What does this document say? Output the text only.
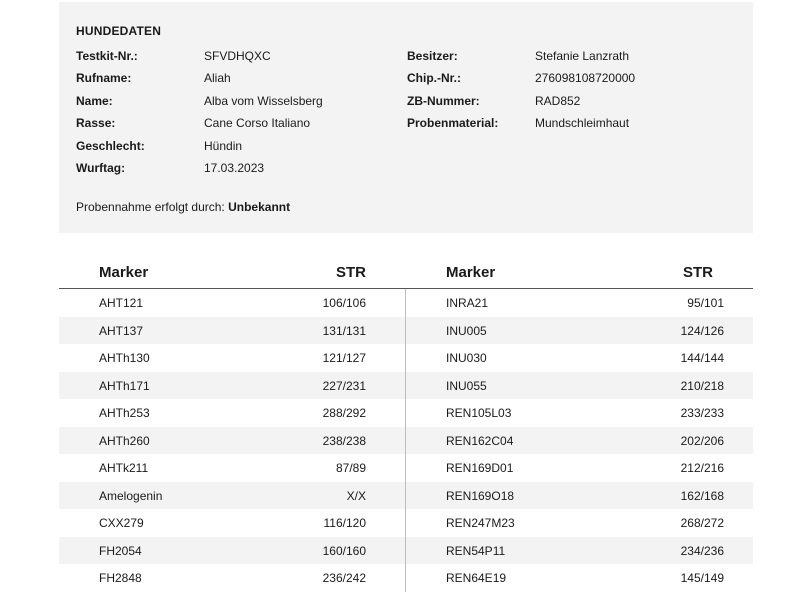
HUNDEDATEN
Testkit-Nr.:	SFVDHQXC
Rufname:	Aliah
Name:	Alba vom Wisselsberg
Rasse:	Cane Corso Italiano
Geschlecht:	Hündin
Wurftag:	17.03.2023
Besitzer:	Stefanie Lanzrath
Chip.-Nr.:	276098108720000
ZB-Nummer:	RAD852
Probenmaterial:	Mundschleimhaut
Probennahme erfolgt durch: Unbekannt
Marker	STR	Marker	STR
AHT121	106/106	INRA21	95/101
AHT137	131/131	INU005	124/126
AHTh130	121/127	INU030	144/144
AHTh171	227/231	INU055	210/218
AHTh253	288/292	REN105L03	233/233
AHTh260	238/238	REN162C04	202/206
AHTk211	87/89	REN169D01	212/216
Amelogenin	X/X	REN169O18	162/168
CXX279	116/120	REN247M23	268/272
FH2054	160/160	REN54P11	234/236
FH2848	236/242	REN64E19	145/149
